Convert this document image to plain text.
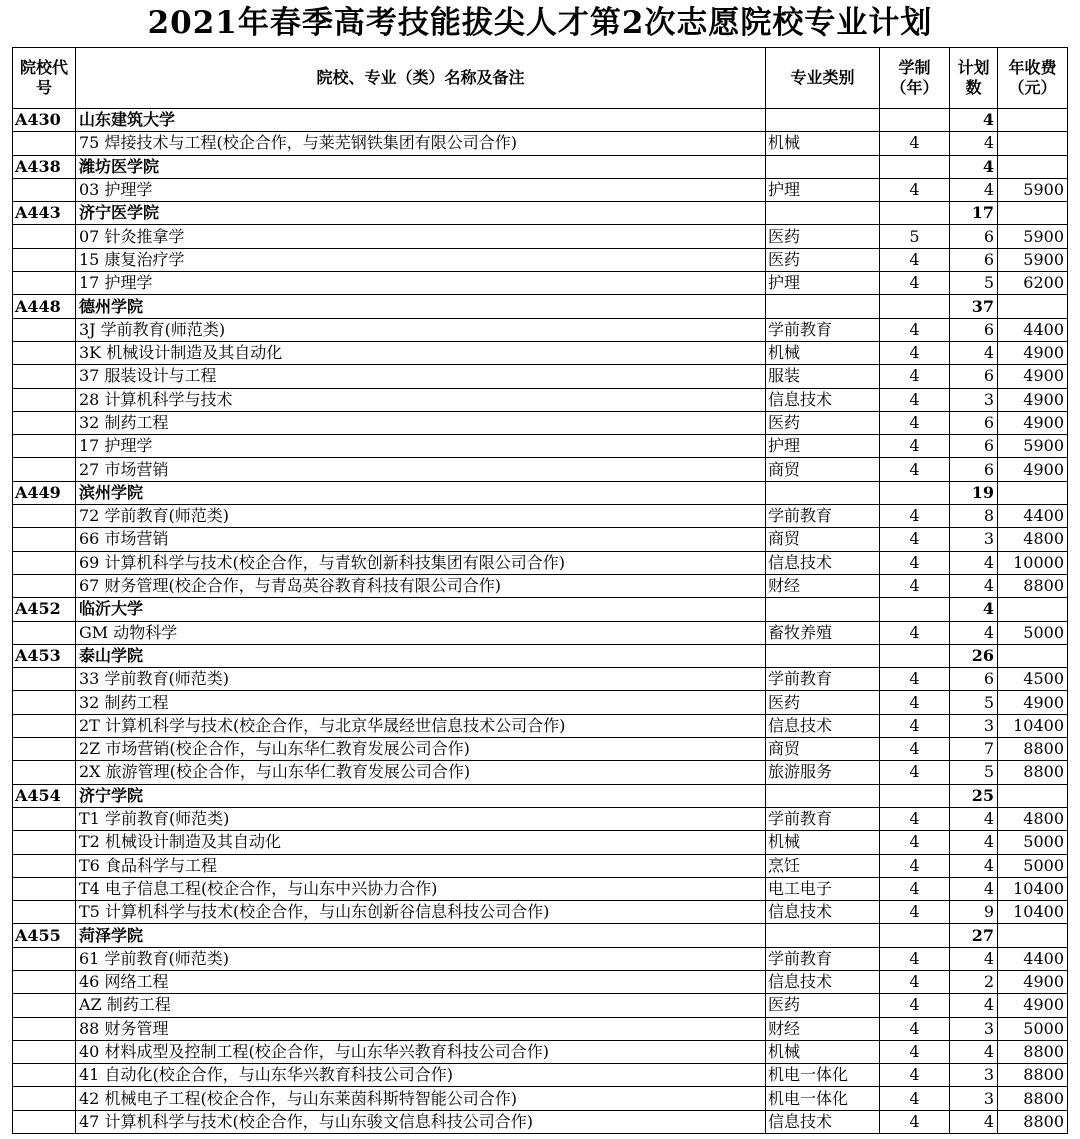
2021年春季高考技能拔尖人才第2次志愿院校专业计划
院校代号	院校、专业（类）名称及备注	专业类别	学制（年）	计划数	年收费（元）
A430	山东建筑大学			4	
	75 焊接技术与工程(校企合作，与莱芜钢铁集团有限公司合作)	机械	4	4	
A438	潍坊医学院			4	
	03 护理学	护理	4	4	5900
A443	济宁医学院			17	
	07 针灸推拿学	医药	5	6	5900
	15 康复治疗学	医药	4	6	5900
	17 护理学	护理	4	5	6200
A448	德州学院			37	
	3J 学前教育(师范类)	学前教育	4	6	4400
	3K 机械设计制造及其自动化	机械	4	4	4900
	37 服装设计与工程	服装	4	6	4900
	28 计算机科学与技术	信息技术	4	3	4900
	32 制药工程	医药	4	6	4900
	17 护理学	护理	4	6	5900
	27 市场营销	商贸	4	6	4900
A449	滨州学院			19	
	72 学前教育(师范类)	学前教育	4	8	4400
	66 市场营销	商贸	4	3	4800
	69 计算机科学与技术(校企合作，与青软创新科技集团有限公司合作)	信息技术	4	4	10000
	67 财务管理(校企合作，与青岛英谷教育科技有限公司合作)	财经	4	4	8800
A452	临沂大学			4	
	GM 动物科学	畜牧养殖	4	4	5000
A453	泰山学院			26	
	33 学前教育(师范类)	学前教育	4	6	4500
	32 制药工程	医药	4	5	4900
	2T 计算机科学与技术(校企合作，与北京华晟经世信息技术公司合作)	信息技术	4	3	10400
	2Z 市场营销(校企合作，与山东华仁教育发展公司合作)	商贸	4	7	8800
	2X 旅游管理(校企合作，与山东华仁教育发展公司合作)	旅游服务	4	5	8800
A454	济宁学院			25	
	T1 学前教育(师范类)	学前教育	4	4	4800
	T2 机械设计制造及其自动化	机械	4	4	5000
	T6 食品科学与工程	烹饪	4	4	5000
	T4 电子信息工程(校企合作，与山东中兴协力合作)	电工电子	4	4	10400
	T5 计算机科学与技术(校企合作，与山东创新谷信息科技公司合作)	信息技术	4	9	10400
A455	菏泽学院			27	
	61 学前教育(师范类)	学前教育	4	4	4400
	46 网络工程	信息技术	4	2	4900
	AZ 制药工程	医药	4	4	4900
	88 财务管理	财经	4	3	5000
	40 材料成型及控制工程(校企合作，与山东华兴教育科技公司合作)	机械	4	4	8800
	41 自动化(校企合作，与山东华兴教育科技公司合作)	机电一体化	4	3	8800
	42 机械电子工程(校企合作，与山东莱茵科斯特智能公司合作)	机电一体化	4	3	8800
	47 计算机科学与技术(校企合作，与山东骏文信息科技公司合作)	信息技术	4	4	8800
